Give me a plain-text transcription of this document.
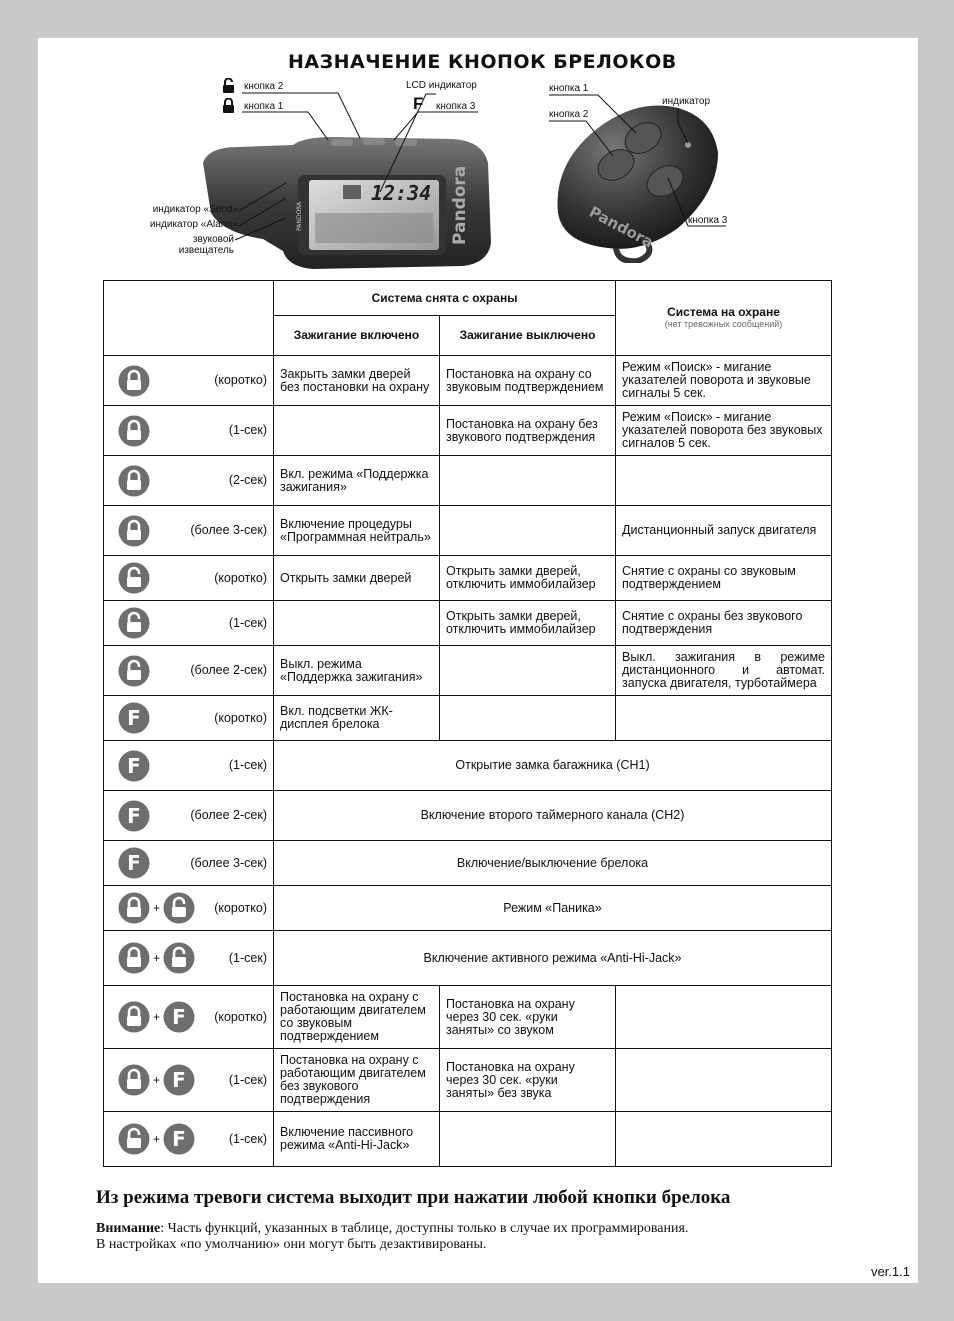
НАЗНАЧЕНИЕ КНОПОК БРЕЛОКОВ
12:34 Pandora
PANDORA
кнопка 2
кнопка 1
LCD индикатор
F кнопка 3
индикатор «Send»
индикатор «Alarm»
звуковой
извещатель	Pandora
кнопка 1
кнопка 2
индикатор
кнопка 3
	Система снята с охраны		Система на охране
(нет тревожных сообщений)

	Зажигание включено	Зажигание выключено	

(коротко)	Закрыть замки дверей без постановки на охрану	Постановка на охрану со звуковым подтверждением	Режим «Поиск» - мигание указателей поворота и звуковые сигналы 5 сек.

(1-сек)		Постановка на охрану без звукового подтверждения	Режим «Поиск» - мигание указателей поворота без звуковых сигналов 5 сек.

(2-сек)	Вкл. режима «Поддержка зажигания»		

(более 3-сек)	Включение процедуры «Программная нейтраль»		Дистанционный запуск двигателя

(коротко)	Открыть замки дверей	Открыть замки дверей, отключить иммобилайзер	Снятие с охраны со звуковым подтверждением

(1-сек)		Открыть замки дверей, отключить иммобилайзер	Снятие с охраны без звукового подтверждения

(более 2-сек)	Выкл. режима «Поддержка зажигания»		Выкл. зажигания в режиме дистанционного и автомат. запуска двигателя, турботаймера

F (коротко)	Вкл. подсветки ЖК-дисплея брелока		

F (1-сек)	Открытие замка багажника (CH1)		

F (более 2-сек)	Включение второго таймерного канала (CH2)		

F (более 3-сек)	Включение/выключение брелока		

+ (коротко)	Режим «Паника»		

+ (1-сек)	Включение активного режима «Anti-Hi-Jack»		

+ F (коротко)	Постановка на охрану с работающим двигателем со звуковым подтверждением	Постановка на охрану через 30 сек. «руки заняты» со звуком	

+ F (1-сек)	Постановка на охрану с работающим двигателем без звукового подтверждения	Постановка на охрану через 30 сек. «руки заняты» без звука	

+ F (1-сек)	Включение пассивного режима «Anti-Hi-Jack»		
Из режима тревоги система выходит при нажатии любой кнопки брелока
Внимание: Часть функций, указанных в таблице, доступны только в случае их программирования.
В настройках «по умолчанию» они могут быть дезактивированы.
ver.1.1
